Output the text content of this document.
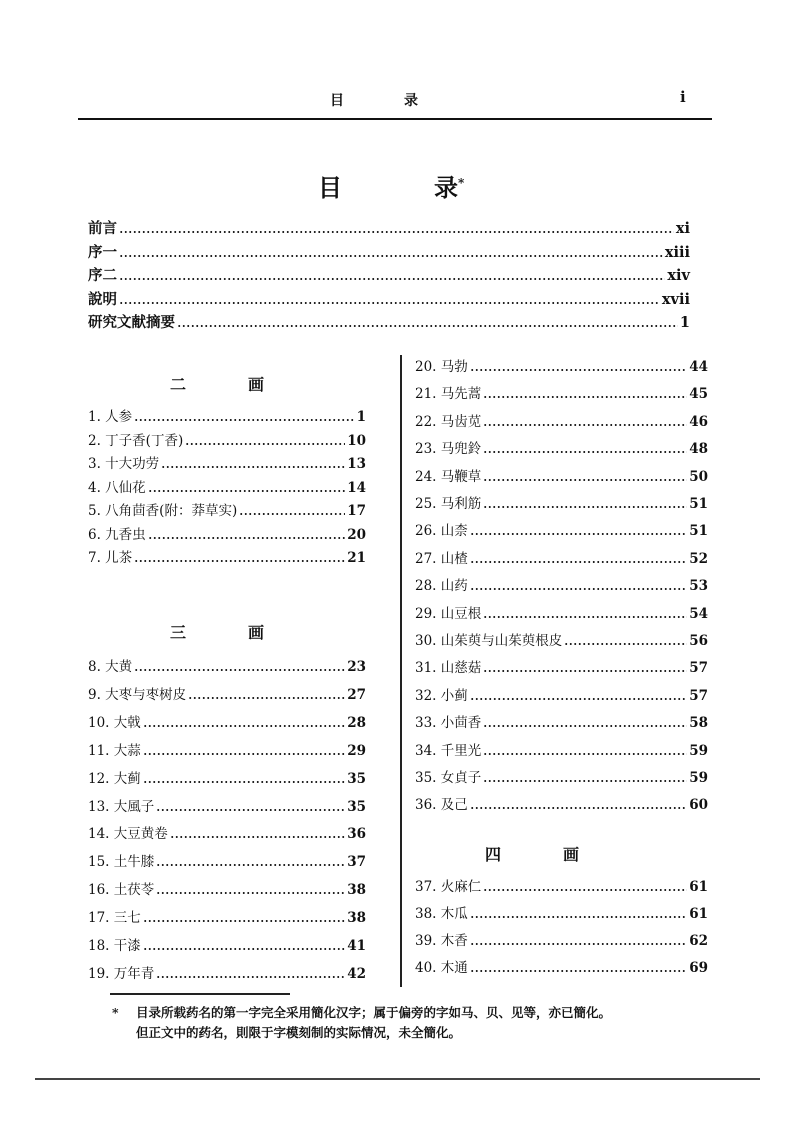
目录	i
目	录*
前言	xi
序一	xiii
序二	xiv
說明	xvii
研究文献摘要	1
二	画
1. 人参	1
2. 丁子香(丁香)	10
3. 十大功劳	13
4. 八仙花	14
5. 八角茴香(附：莽草实)	17
6. 九香虫	20
7. 儿茶	21
三	画
8. 大黄	23
9. 大枣与枣树皮	27
10. 大戟	28
11. 大蒜	29
12. 大蓟	35
13. 大風子	35
14. 大豆黄卷	36
15. 土牛膝	37
16. 土茯苓	38
17. 三七	38
18. 干漆	41
19. 万年青	42
20. 马勃	44
21. 马先蒿	45
22. 马齿苋	46
23. 马兜鈴	48
24. 马鞭草	50
25. 马利筋	51
26. 山柰	51
27. 山楂	52
28. 山药	53
29. 山豆根	54
30. 山茱萸与山茱萸根皮	56
31. 山慈菇	57
32. 小蓟	57
33. 小茴香	58
34. 千里光	59
35. 女貞子	59
36. 及己	60
四	画
37. 火麻仁	61
38. 木瓜	61
39. 木香	62
40. 木通	69
* 目录所载药名的第一字完全采用簡化汉字；属于偏旁的字如马、贝、见等，亦已簡化。
但正文中的药名，則限于字模刻制的实际情况，未全簡化。
